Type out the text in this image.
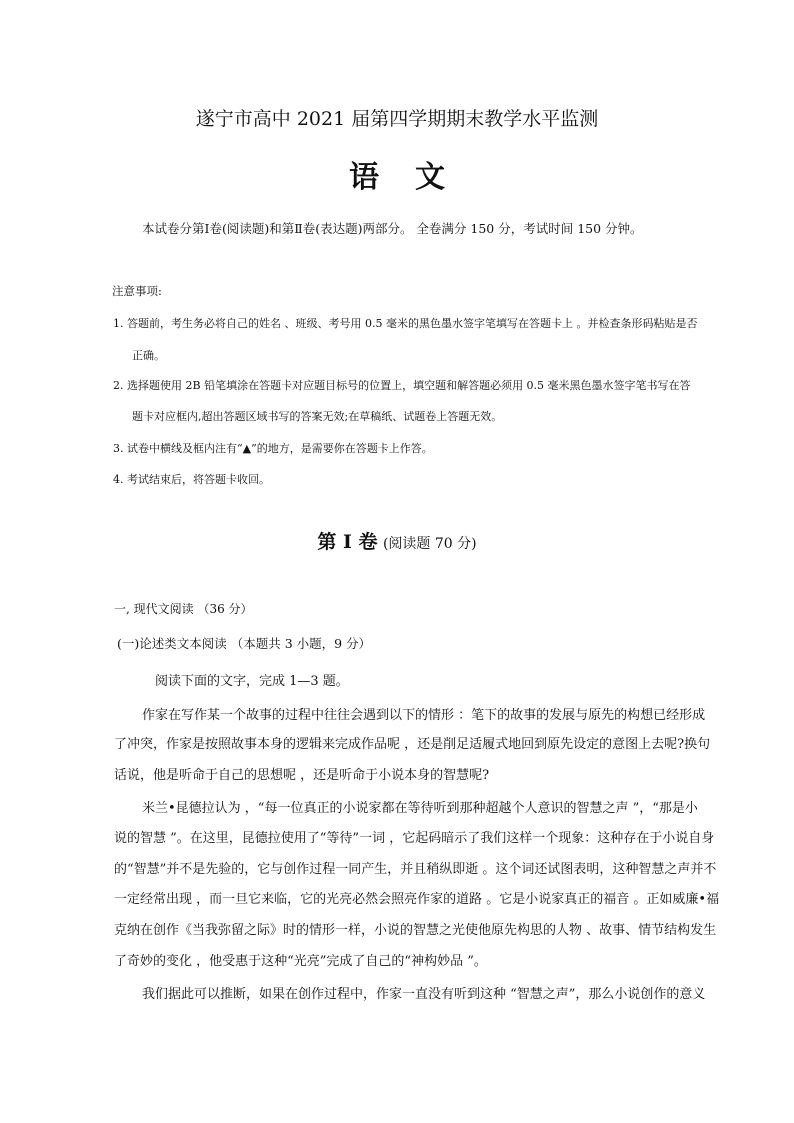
遂宁市高中 2021 届第四学期期末教学水平监测
语文
本试卷分第Ⅰ卷(阅读题)和第Ⅱ卷(表达题)两部分。 全卷满分 150 分，考试时间 150 分钟。
注意事项:
1. 答题前，考生务必将自己的姓名 、班级、考号用 0.5 毫米的黑色墨水签字笔填写在答题卡上 。并检查条形码粘贴是否
正确。
2. 选择题使用 2B 铅笔填涂在答题卡对应题目标号的位置上，填空题和解答题必须用 0.5 毫米黑色墨水签字笔书写在答
题卡对应框内,超出答题区域书写的答案无效;在草稿纸、试题卷上答题无效。
3. 试卷中横线及框内注有“▲”的地方，是需要你在答题卡上作答。
4. 考试结束后，将答题卡收回。
第 Ⅰ 卷 (阅读题 70 分)
一, 现代文阅读 （36 分）
(一)论述类文本阅读 （本题共 3 小题，9 分）
阅读下面的文字，完成 1—3 题。
作家在写作某一个故事的过程中往往会遇到以下的情形 ：笔下的故事的发展与原先的构想已经形成
了冲突，作家是按照故事本身的逻辑来完成作品呢 ，还是削足适履式地回到原先设定的意图上去呢?换句
话说，他是听命于自己的思想呢 ，还是听命于小说本身的智慧呢?
米兰•昆德拉认为 ，“每一位真正的小说家都在等待听到那种超越个人意识的智慧之声 ”，“那是小
说的智慧 ”。在这里，昆德拉使用了“等待”一词 ，它起码暗示了我们这样一个现象：这种存在于小说自身
的“智慧”并不是先验的，它与创作过程一同产生，并且稍纵即逝 。这个词还试图表明，这种智慧之声并不
一定经常出现 ，而一旦它来临，它的光亮必然会照亮作家的道路 。它是小说家真正的福音 。正如威廉•福
克纳在创作《当我弥留之际》时的情形一样，小说的智慧之光使他原先构思的人物 、故事、情节结构发生
了奇妙的变化 ，他受惠于这种“光亮”完成了自己的“神构妙品 ”。
我们据此可以推断，如果在创作过程中，作家一直没有听到这种 “智慧之声”，那么小说创作的意义
